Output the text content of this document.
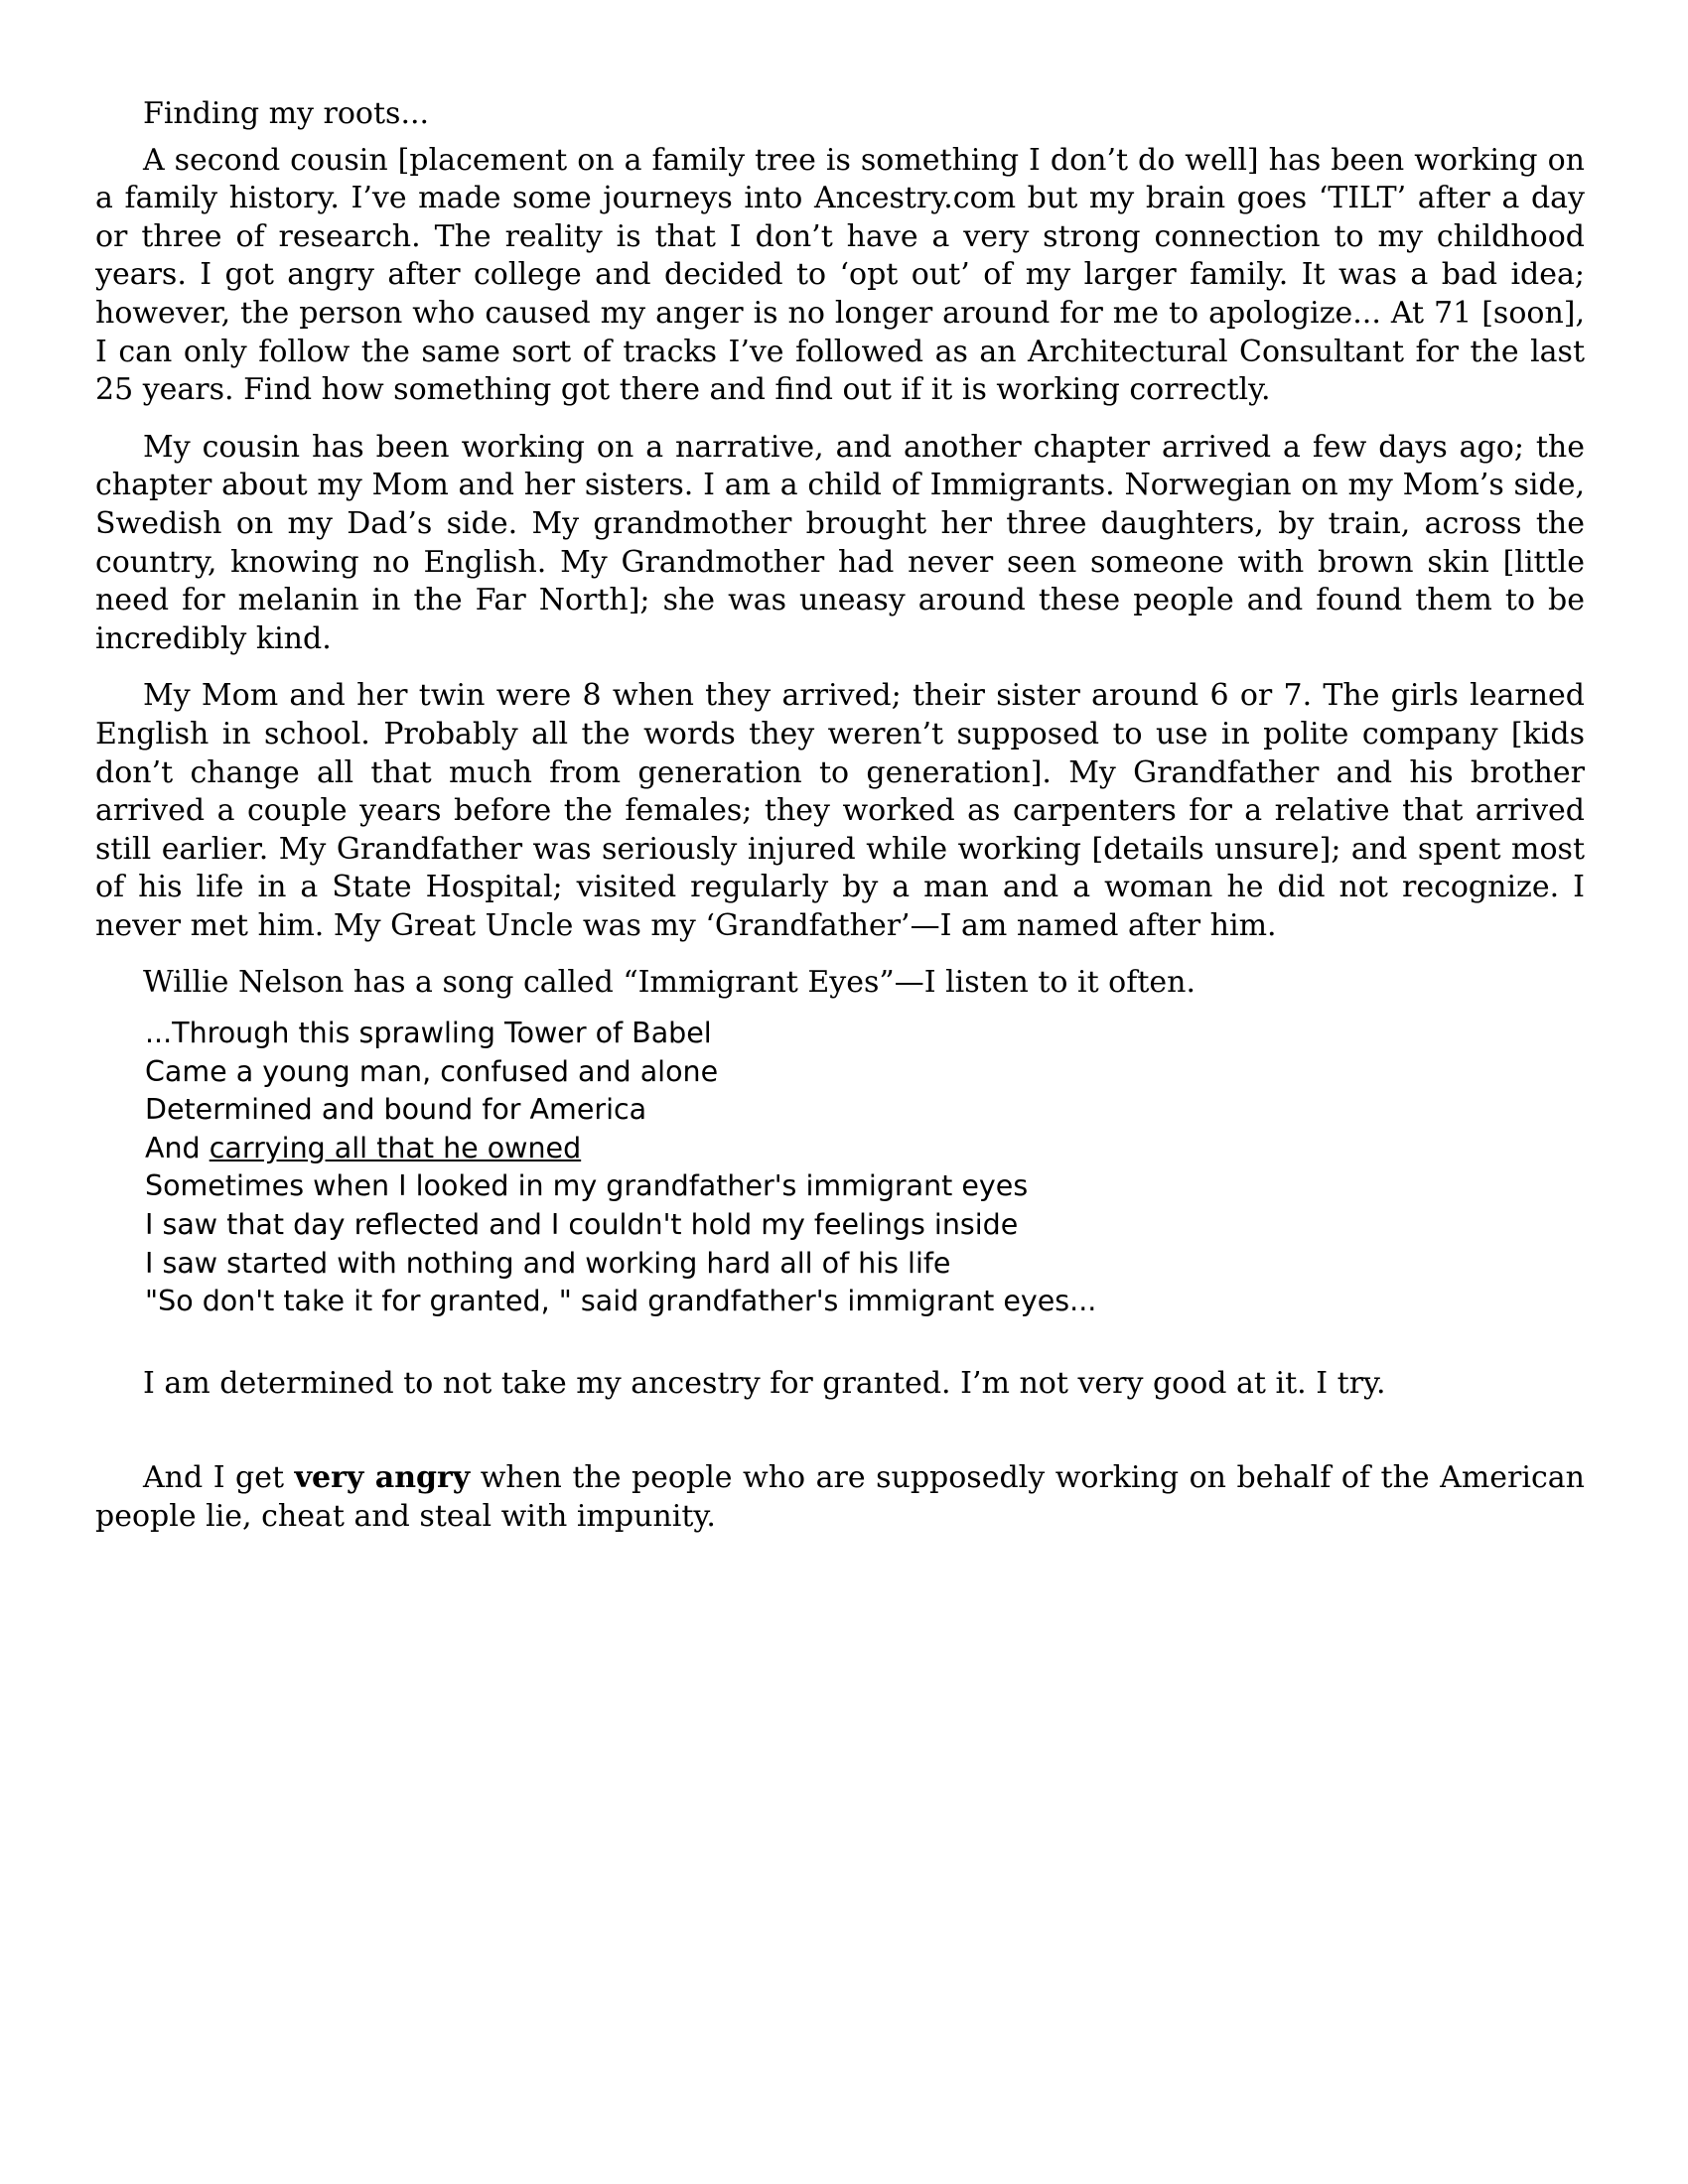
Finding my roots...

A second cousin [placement on a family tree is something I don’t do well] has been working on a family history. I’ve made some journeys into Ancestry.com but my brain goes ‘TILT’ after a day or three of research. The reality is that I don’t have a very strong connection to my childhood years. I got angry after college and decided to ‘opt out’ of my larger family. It was a bad idea; however, the person who caused my anger is no longer around for me to apologize... At 71 [soon], I can only follow the same sort of tracks I’ve followed as an Architectural Consultant for the last 25 years. Find how something got there and find out if it is working correctly.

My cousin has been working on a narrative, and another chapter arrived a few days ago; the chapter about my Mom and her sisters. I am a child of Immigrants. Norwegian on my Mom’s side, Swedish on my Dad’s side. My grandmother brought her three daughters, by train, across the country, knowing no English. My Grandmother had never seen someone with brown skin [little need for melanin in the Far North]; she was uneasy around these people and found them to be incredibly kind.

My Mom and her twin were 8 when they arrived; their sister around 6 or 7. The girls learned English in school. Probably all the words they weren’t supposed to use in polite company [kids don’t change all that much from generation to generation]. My Grandfather and his brother arrived a couple years before the females; they worked as carpenters for a relative that arrived still earlier. My Grandfather was seriously injured while working [details unsure]; and spent most of his life in a State Hospital; visited regularly by a man and a woman he did not recognize. I never met him. My Great Uncle was my ‘Grandfather’—I am named after him.

Willie Nelson has a song called “Immigrant Eyes”—I listen to it often.

...Through this sprawling Tower of Babel
Came a young man, confused and alone
Determined and bound for America
And carrying all that he owned
Sometimes when I looked in my grandfather's immigrant eyes
I saw that day reflected and I couldn't hold my feelings inside
I saw started with nothing and working hard all of his life
"So don't take it for granted, " said grandfather's immigrant eyes...

I am determined to not take my ancestry for granted. I’m not very good at it. I try.

And I get very angry when the people who are supposedly working on behalf of the American people lie, cheat and steal with impunity.
